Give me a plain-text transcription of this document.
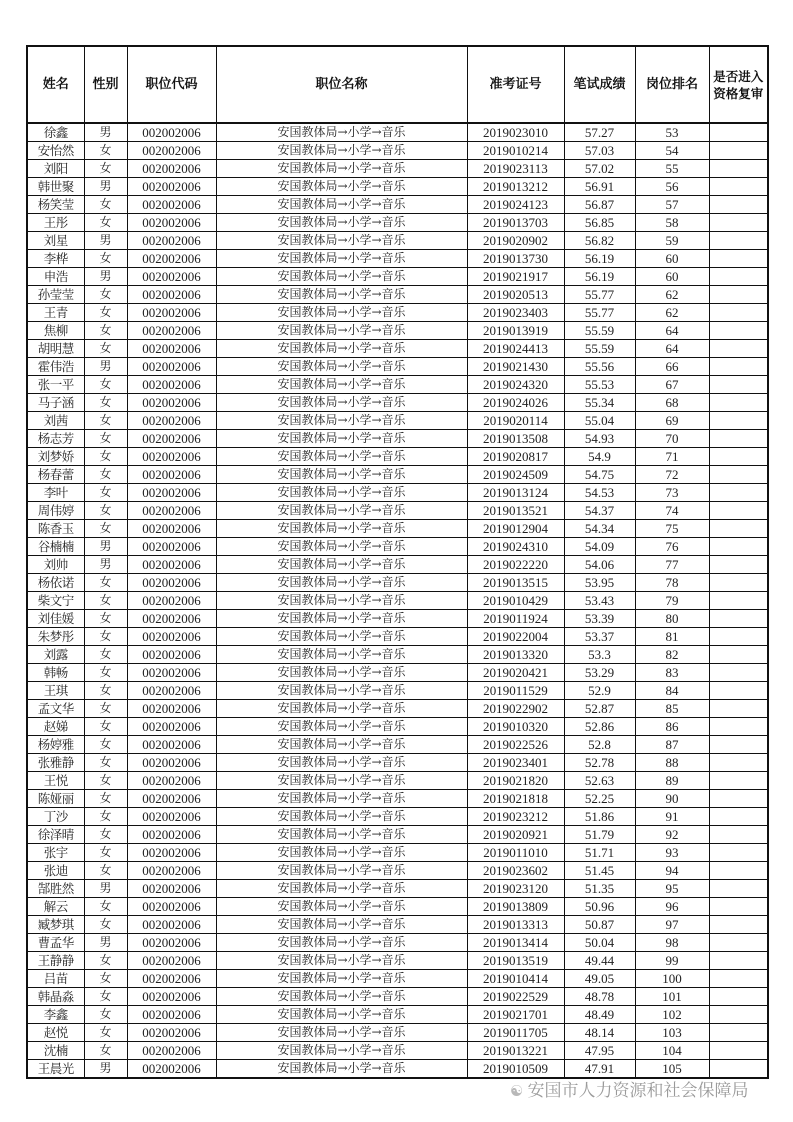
姓名	性别	职位代码	职位名称	准考证号	笔试成绩	岗位排名	是否进入资格复审
徐鑫	男	002002006	安国教体局→小学→音乐	2019023010	57.27	53	
安怡然	女	002002006	安国教体局→小学→音乐	2019010214	57.03	54	
刘阳	女	002002006	安国教体局→小学→音乐	2019023113	57.02	55	
韩世聚	男	002002006	安国教体局→小学→音乐	2019013212	56.91	56	
杨笑莹	女	002002006	安国教体局→小学→音乐	2019024123	56.87	57	
王彤	女	002002006	安国教体局→小学→音乐	2019013703	56.85	58	
刘星	男	002002006	安国教体局→小学→音乐	2019020902	56.82	59	
李桦	女	002002006	安国教体局→小学→音乐	2019013730	56.19	60	
申浩	男	002002006	安国教体局→小学→音乐	2019021917	56.19	60	
孙莹莹	女	002002006	安国教体局→小学→音乐	2019020513	55.77	62	
王青	女	002002006	安国教体局→小学→音乐	2019023403	55.77	62	
焦柳	女	002002006	安国教体局→小学→音乐	2019013919	55.59	64	
胡明慧	女	002002006	安国教体局→小学→音乐	2019024413	55.59	64	
霍伟浩	男	002002006	安国教体局→小学→音乐	2019021430	55.56	66	
张一平	女	002002006	安国教体局→小学→音乐	2019024320	55.53	67	
马子涵	女	002002006	安国教体局→小学→音乐	2019024026	55.34	68	
刘茜	女	002002006	安国教体局→小学→音乐	2019020114	55.04	69	
杨志芳	女	002002006	安国教体局→小学→音乐	2019013508	54.93	70	
刘梦娇	女	002002006	安国教体局→小学→音乐	2019020817	54.9	71	
杨春蕾	女	002002006	安国教体局→小学→音乐	2019024509	54.75	72	
李叶	女	002002006	安国教体局→小学→音乐	2019013124	54.53	73	
周伟婷	女	002002006	安国教体局→小学→音乐	2019013521	54.37	74	
陈香玉	女	002002006	安国教体局→小学→音乐	2019012904	54.34	75	
谷楠楠	男	002002006	安国教体局→小学→音乐	2019024310	54.09	76	
刘帅	男	002002006	安国教体局→小学→音乐	2019022220	54.06	77	
杨依诺	女	002002006	安国教体局→小学→音乐	2019013515	53.95	78	
柴文宁	女	002002006	安国教体局→小学→音乐	2019010429	53.43	79	
刘佳媛	女	002002006	安国教体局→小学→音乐	2019011924	53.39	80	
朱梦彤	女	002002006	安国教体局→小学→音乐	2019022004	53.37	81	
刘露	女	002002006	安国教体局→小学→音乐	2019013320	53.3	82	
韩畅	女	002002006	安国教体局→小学→音乐	2019020421	53.29	83	
王琪	女	002002006	安国教体局→小学→音乐	2019011529	52.9	84	
孟文华	女	002002006	安国教体局→小学→音乐	2019022902	52.87	85	
赵娣	女	002002006	安国教体局→小学→音乐	2019010320	52.86	86	
杨婷雅	女	002002006	安国教体局→小学→音乐	2019022526	52.8	87	
张雅静	女	002002006	安国教体局→小学→音乐	2019023401	52.78	88	
王悦	女	002002006	安国教体局→小学→音乐	2019021820	52.63	89	
陈娅丽	女	002002006	安国教体局→小学→音乐	2019021818	52.25	90	
丁沙	女	002002006	安国教体局→小学→音乐	2019023212	51.86	91	
徐泽晴	女	002002006	安国教体局→小学→音乐	2019020921	51.79	92	
张宇	女	002002006	安国教体局→小学→音乐	2019011010	51.71	93	
张迪	女	002002006	安国教体局→小学→音乐	2019023602	51.45	94	
郜胜然	男	002002006	安国教体局→小学→音乐	2019023120	51.35	95	
解云	女	002002006	安国教体局→小学→音乐	2019013809	50.96	96	
臧梦琪	女	002002006	安国教体局→小学→音乐	2019013313	50.87	97	
曹孟华	男	002002006	安国教体局→小学→音乐	2019013414	50.04	98	
王静静	女	002002006	安国教体局→小学→音乐	2019013519	49.44	99	
吕苗	女	002002006	安国教体局→小学→音乐	2019010414	49.05	100	
韩晶淼	女	002002006	安国教体局→小学→音乐	2019022529	48.78	101	
李鑫	女	002002006	安国教体局→小学→音乐	2019021701	48.49	102	
赵悦	女	002002006	安国教体局→小学→音乐	2019011705	48.14	103	
沈楠	女	002002006	安国教体局→小学→音乐	2019013221	47.95	104	
王晨光	男	002002006	安国教体局→小学→音乐	2019010509	47.91	105	
☯ 安国市人力资源和社会保障局
